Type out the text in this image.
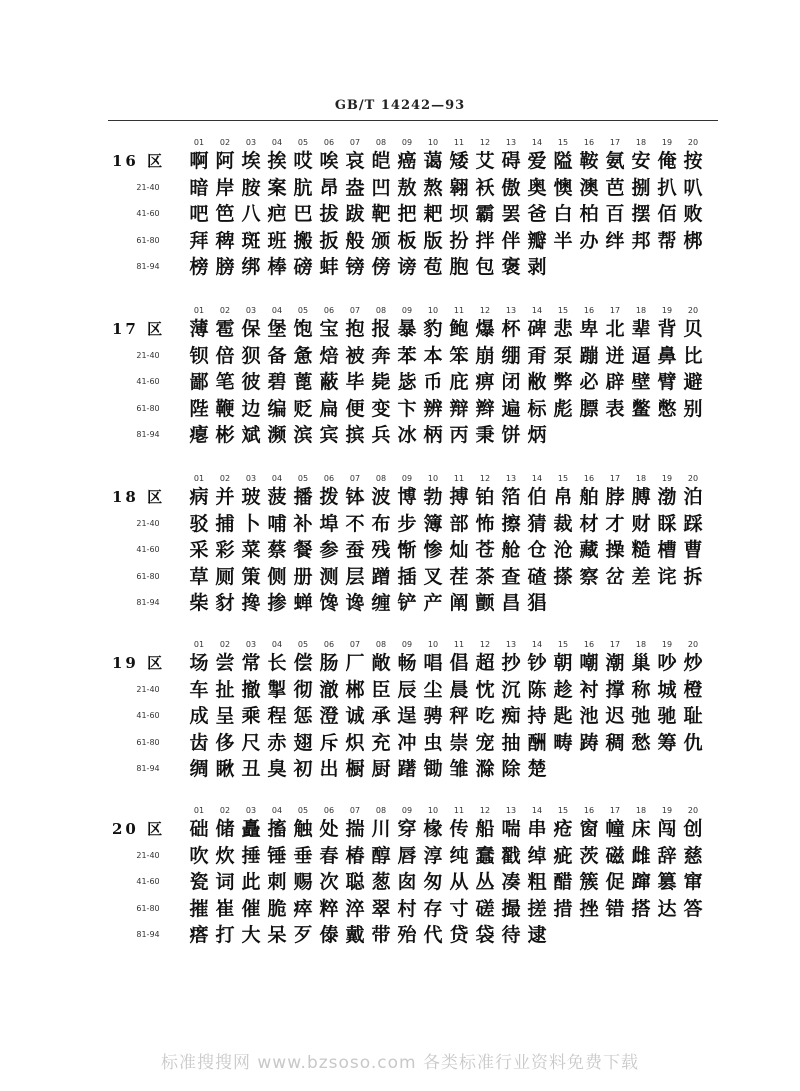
GB/T 14242—93
01	02	03	04	05	06	07	08	09	10	11	12	13	14	15	16	17	18	19	20
16 区 啊 阿 埃 挨 哎 唉 哀 皑 癌 蔼 矮 艾 碍 爱 隘 鞍 氨 安 俺 按
21-40	暗 岸 胺 案 肮 昂 盎 凹 敖 熬 翱 袄 傲 奥 懊 澳 芭 捌 扒 叭
41-60	吧 笆 八 疤 巴 拔 跋 靶 把 耙 坝 霸 罢 爸 白 柏 百 摆 佰 败
61-80	拜 稗 斑 班 搬 扳 般 颁 板 版 扮 拌 伴 瓣 半 办 绊 邦 帮 梆
81-94	榜 膀 绑 棒 磅 蚌 镑 傍 谤 苞 胞 包 褒 剥
01	02	03	04	05	06	07	08	09	10	11	12	13	14	15	16	17	18	19	20
17 区 薄 雹 保 堡 饱 宝 抱 报 暴 豹 鲍 爆 杯 碑 悲 卑 北 辈 背 贝
21-40	钡 倍 狈 备 惫 焙 被 奔 苯 本 笨 崩 绷 甭 泵 蹦 迸 逼 鼻 比
41-60	鄙 笔 彼 碧 蓖 蔽 毕 毙 毖 币 庇 痹 闭 敝 弊 必 辟 壁 臂 避
61-80	陛 鞭 边 编 贬 扁 便 变 卞 辨 辩 辫 遍 标 彪 膘 表 鳖 憋 别
81-94	瘪 彬 斌 濒 滨 宾 摈 兵 冰 柄 丙 秉 饼 炳
01	02	03	04	05	06	07	08	09	10	11	12	13	14	15	16	17	18	19	20
18 区 病 并 玻 菠 播 拨 钵 波 博 勃 搏 铂 箔 伯 帛 舶 脖 膊 渤 泊
21-40	驳 捕 卜 哺 补 埠 不 布 步 簿 部 怖 擦 猜 裁 材 才 财 睬 踩
41-60	采 彩 菜 蔡 餐 参 蚕 残 惭 惨 灿 苍 舱 仓 沧 藏 操 糙 槽 曹
61-80	草 厕 策 侧 册 测 层 蹭 插 叉 茬 茶 查 碴 搽 察 岔 差 诧 拆
81-94	柴 豺 搀 掺 蝉 馋 谗 缠 铲 产 阐 颤 昌 猖
01	02	03	04	05	06	07	08	09	10	11	12	13	14	15	16	17	18	19	20
19 区 场 尝 常 长 偿 肠 厂 敞 畅 唱 倡 超 抄 钞 朝 嘲 潮 巢 吵 炒
21-40	车 扯 撤 掣 彻 澈 郴 臣 辰 尘 晨 忱 沉 陈 趁 衬 撑 称 城 橙
41-60	成 呈 乘 程 惩 澄 诚 承 逞 骋 秤 吃 痴 持 匙 池 迟 弛 驰 耻
61-80	齿 侈 尺 赤 翅 斥 炽 充 冲 虫 崇 宠 抽 酬 畴 踌 稠 愁 筹 仇
81-94	绸 瞅 丑 臭 初 出 橱 厨 躇 锄 雏 滁 除 楚
01	02	03	04	05	06	07	08	09	10	11	12	13	14	15	16	17	18	19	20
20 区 础 储 矗 搐 触 处 揣 川 穿 椽 传 船 喘 串 疮 窗 幢 床 闯 创
21-40	吹 炊 捶 锤 垂 春 椿 醇 唇 淳 纯 蠢 戳 绰 疵 茨 磁 雌 辞 慈
41-60	瓷 词 此 刺 赐 次 聪 葱 囱 匆 从 丛 凑 粗 醋 簇 促 蹿 篡 窜
61-80	摧 崔 催 脆 瘁 粹 淬 翠 村 存 寸 磋 撮 搓 措 挫 错 搭 达 答
81-94	瘩 打 大 呆 歹 傣 戴 带 殆 代 贷 袋 待 逮
标准搜搜网 www.bzsoso.com 各类标准行业资料免费下载
